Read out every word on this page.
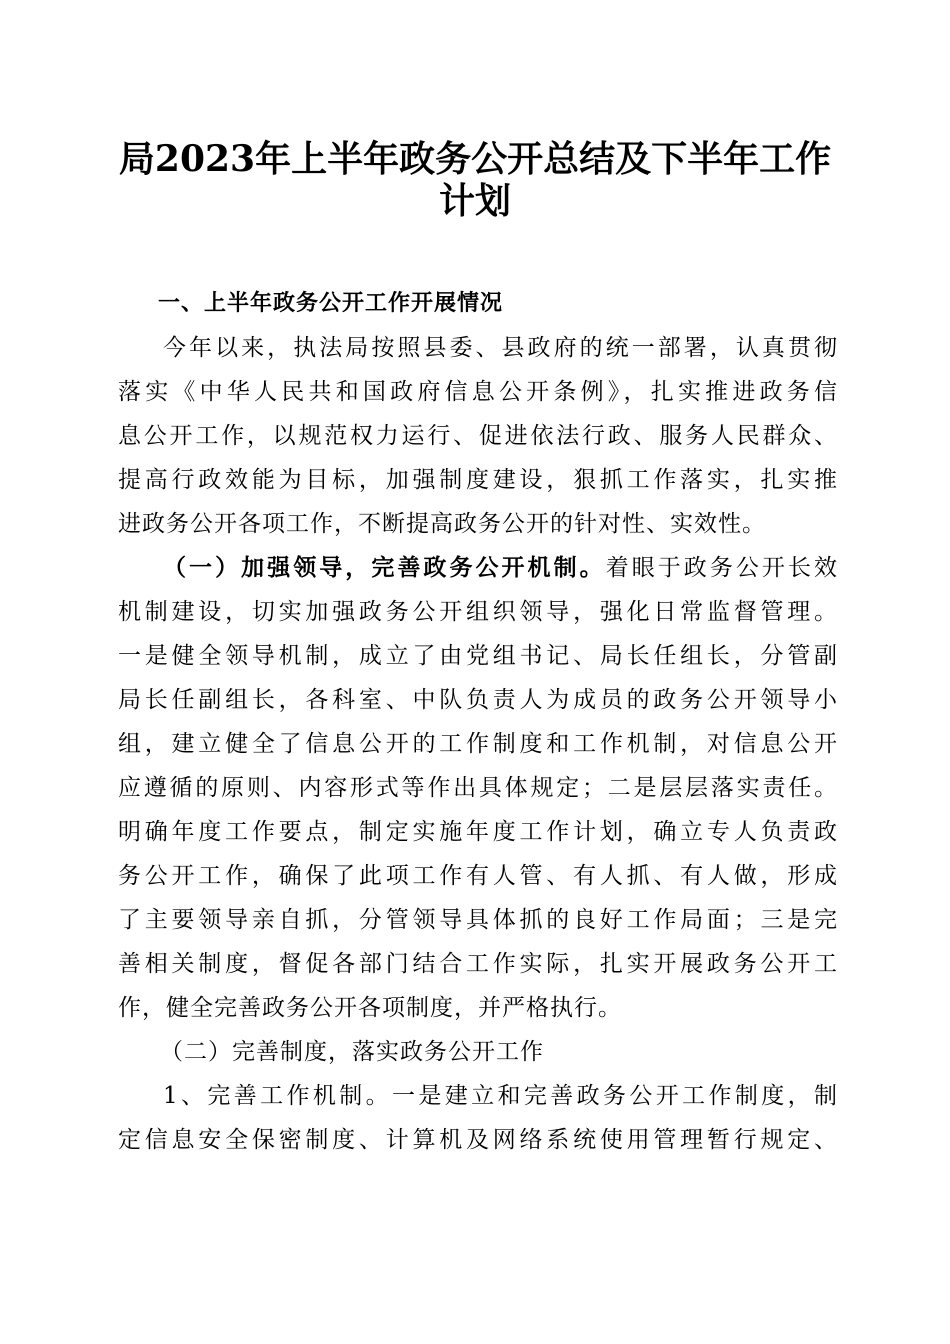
局2023年上半年政务公开总结及下半年工作
计划
一、上半年政务公开工作开展情况
今年以来，执法局按照县委、县政府的统一部署，认真贯彻
落实《中华人民共和国政府信息公开条例》，扎实推进政务信
息公开工作，以规范权力运行、促进依法行政、服务人民群众、
提高行政效能为目标，加强制度建设，狠抓工作落实，扎实推
进政务公开各项工作，不断提高政务公开的针对性、实效性。
（一）加强领导，完善政务公开机制。着眼于政务公开长效
机制建设，切实加强政务公开组织领导，强化日常监督管理。
一是健全领导机制，成立了由党组书记、局长任组长，分管副
局长任副组长，各科室、中队负责人为成员的政务公开领导小
组，建立健全了信息公开的工作制度和工作机制，对信息公开
应遵循的原则、内容形式等作出具体规定；二是层层落实责任。
明确年度工作要点，制定实施年度工作计划，确立专人负责政
务公开工作，确保了此项工作有人管、有人抓、有人做，形成
了主要领导亲自抓，分管领导具体抓的良好工作局面；三是完
善相关制度，督促各部门结合工作实际，扎实开展政务公开工
作，健全完善政务公开各项制度，并严格执行。
（二）完善制度，落实政务公开工作
1、完善工作机制。一是建立和完善政务公开工作制度，制
定信息安全保密制度、计算机及网络系统使用管理暂行规定、
